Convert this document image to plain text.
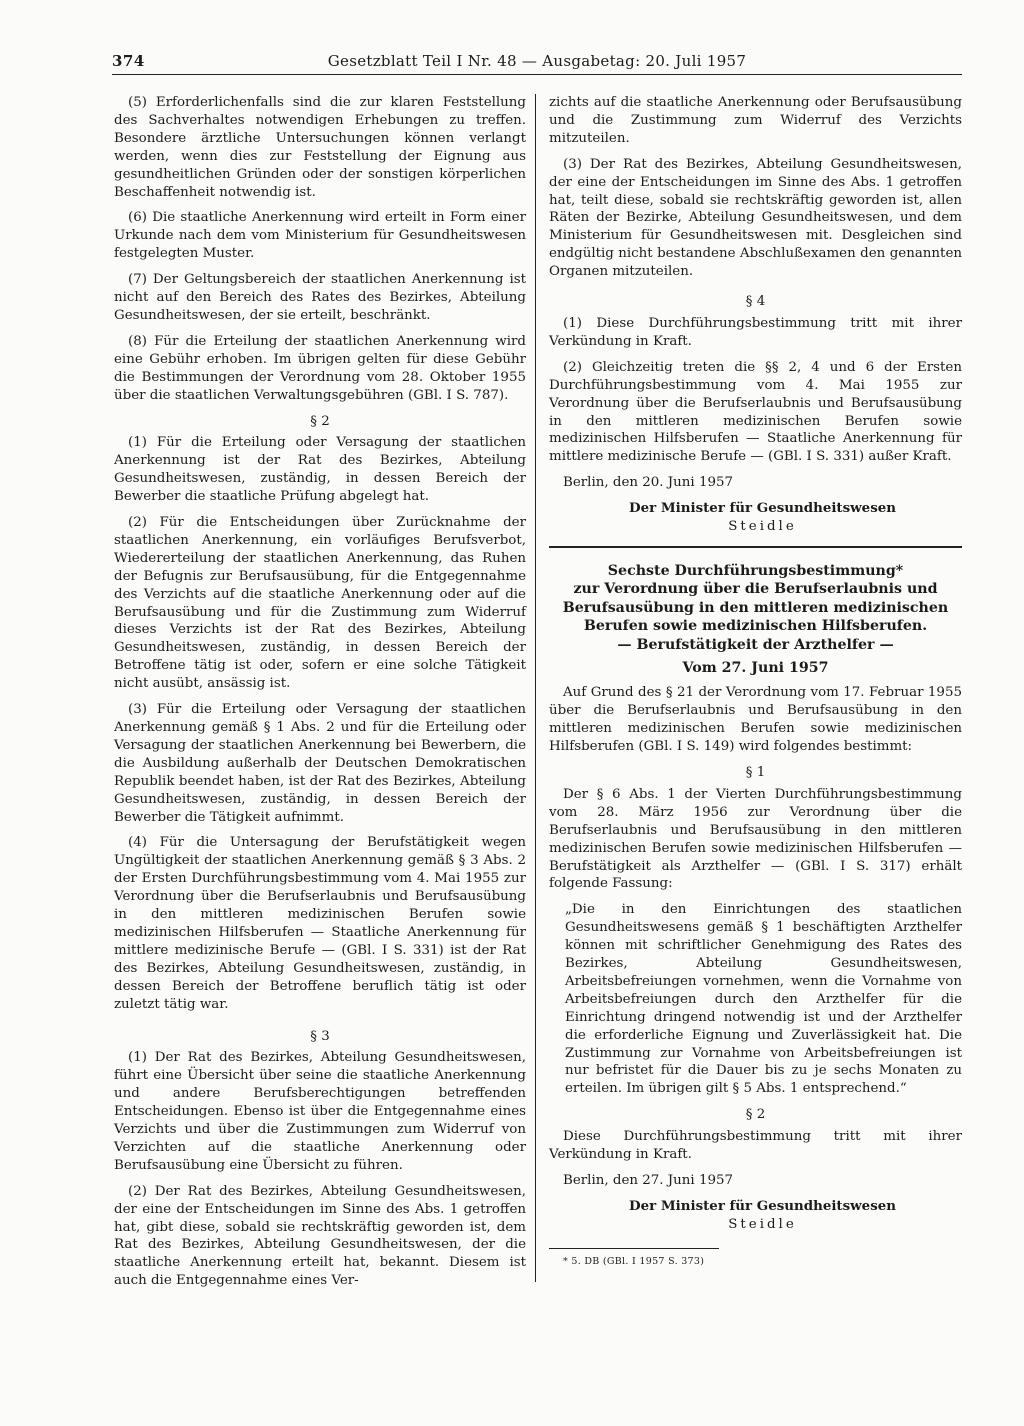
374	Gesetzblatt Teil I Nr. 48 — Ausgabetag: 20. Juli 1957

(5) Erforderlichenfalls sind die zur klaren Feststellung des Sachverhaltes notwendigen Erhebungen zu treffen. Besondere ärztliche Untersuchungen können verlangt werden, wenn dies zur Feststellung der Eignung aus gesundheitlichen Gründen oder der sonstigen körperlichen Beschaffenheit notwendig ist.

(6) Die staatliche Anerkennung wird erteilt in Form einer Urkunde nach dem vom Ministerium für Gesundheitswesen festgelegten Muster.

(7) Der Geltungsbereich der staatlichen Anerkennung ist nicht auf den Bereich des Rates des Bezirkes, Abteilung Gesundheitswesen, der sie erteilt, beschränkt.

(8) Für die Erteilung der staatlichen Anerkennung wird eine Gebühr erhoben. Im übrigen gelten für diese Gebühr die Bestimmungen der Verordnung vom 28. Oktober 1955 über die staatlichen Verwaltungsgebühren (GBl. I S. 787).

§ 2

(1) Für die Erteilung oder Versagung der staatlichen Anerkennung ist der Rat des Bezirkes, Abteilung Gesundheitswesen, zuständig, in dessen Bereich der Bewerber die staatliche Prüfung abgelegt hat.

(2) Für die Entscheidungen über Zurücknahme der staatlichen Anerkennung, ein vorläufiges Berufsverbot, Wiedererteilung der staatlichen Anerkennung, das Ruhen der Befugnis zur Berufsausübung, für die Entgegennahme des Verzichts auf die staatliche Anerkennung oder auf die Berufsausübung und für die Zustimmung zum Widerruf dieses Verzichts ist der Rat des Bezirkes, Abteilung Gesundheitswesen, zuständig, in dessen Bereich der Betroffene tätig ist oder, sofern er eine solche Tätigkeit nicht ausübt, ansässig ist.

(3) Für die Erteilung oder Versagung der staatlichen Anerkennung gemäß § 1 Abs. 2 und für die Erteilung oder Versagung der staatlichen Anerkennung bei Bewerbern, die die Ausbildung außerhalb der Deutschen Demokratischen Republik beendet haben, ist der Rat des Bezirkes, Abteilung Gesundheitswesen, zuständig, in dessen Bereich der Bewerber die Tätigkeit aufnimmt.

(4) Für die Untersagung der Berufstätigkeit wegen Ungültigkeit der staatlichen Anerkennung gemäß § 3 Abs. 2 der Ersten Durchführungsbestimmung vom 4. Mai 1955 zur Verordnung über die Berufserlaubnis und Berufsausübung in den mittleren medizinischen Berufen sowie medizinischen Hilfsberufen — Staatliche Anerkennung für mittlere medizinische Berufe — (GBl. I S. 331) ist der Rat des Bezirkes, Abteilung Gesundheitswesen, zuständig, in dessen Bereich der Betroffene beruflich tätig ist oder zuletzt tätig war.

§ 3

(1) Der Rat des Bezirkes, Abteilung Gesundheitswesen, führt eine Übersicht über seine die staatliche Anerkennung und andere Berufsberechtigungen betreffenden Entscheidungen. Ebenso ist über die Entgegennahme eines Verzichts und über die Zustimmungen zum Widerruf von Verzichten auf die staatliche Anerkennung oder Berufsausübung eine Übersicht zu führen.

(2) Der Rat des Bezirkes, Abteilung Gesundheitswesen, der eine der Entscheidungen im Sinne des Abs. 1 getroffen hat, gibt diese, sobald sie rechtskräftig geworden ist, dem Rat des Bezirkes, Abteilung Gesundheitswesen, der die staatliche Anerkennung erteilt hat, bekannt. Diesem ist auch die Entgegennahme eines Ver-

zichts auf die staatliche Anerkennung oder Berufsausübung und die Zustimmung zum Widerruf des Verzichts mitzuteilen.

(3) Der Rat des Bezirkes, Abteilung Gesundheitswesen, der eine der Entscheidungen im Sinne des Abs. 1 getroffen hat, teilt diese, sobald sie rechtskräftig geworden ist, allen Räten der Bezirke, Abteilung Gesundheitswesen, und dem Ministerium für Gesundheitswesen mit. Desgleichen sind endgültig nicht bestandene Abschlußexamen den genannten Organen mitzuteilen.

§ 4

(1) Diese Durchführungsbestimmung tritt mit ihrer Verkündung in Kraft.

(2) Gleichzeitig treten die §§ 2, 4 und 6 der Ersten Durchführungsbestimmung vom 4. Mai 1955 zur Verordnung über die Berufserlaubnis und Berufsausübung in den mittleren medizinischen Berufen sowie medizinischen Hilfsberufen — Staatliche Anerkennung für mittlere medizinische Berufe — (GBl. I S. 331) außer Kraft.

Berlin, den 20. Juni 1957

Der Minister für Gesundheitswesen

Steidle

Sechste Durchführungsbestimmung*
zur Verordnung über die Berufserlaubnis und
Berufsausübung in den mittleren medizinischen
Berufen sowie medizinischen Hilfsberufen.
— Berufstätigkeit der Arzthelfer —
Vom 27. Juni 1957

Auf Grund des § 21 der Verordnung vom 17. Februar 1955 über die Berufserlaubnis und Berufsausübung in den mittleren medizinischen Berufen sowie medizinischen Hilfsberufen (GBl. I S. 149) wird folgendes bestimmt:

§ 1

Der § 6 Abs. 1 der Vierten Durchführungsbestimmung vom 28. März 1956 zur Verordnung über die Berufserlaubnis und Berufsausübung in den mittleren medizinischen Berufen sowie medizinischen Hilfsberufen — Berufstätigkeit als Arzthelfer — (GBl. I S. 317) erhält folgende Fassung:

„Die in den Einrichtungen des staatlichen Gesundheitswesens gemäß § 1 beschäftigten Arzthelfer können mit schriftlicher Genehmigung des Rates des Bezirkes, Abteilung Gesundheitswesen, Arbeitsbefreiungen vornehmen, wenn die Vornahme von Arbeitsbefreiungen durch den Arzthelfer für die Einrichtung dringend notwendig ist und der Arzthelfer die erforderliche Eignung und Zuverlässigkeit hat. Die Zustimmung zur Vornahme von Arbeitsbefreiungen ist nur befristet für die Dauer bis zu je sechs Monaten zu erteilen. Im übrigen gilt § 5 Abs. 1 entsprechend.“

§ 2

Diese Durchführungsbestimmung tritt mit ihrer Verkündung in Kraft.

Berlin, den 27. Juni 1957

Der Minister für Gesundheitswesen

Steidle

* 5. DB (GBl. I 1957 S. 373)
